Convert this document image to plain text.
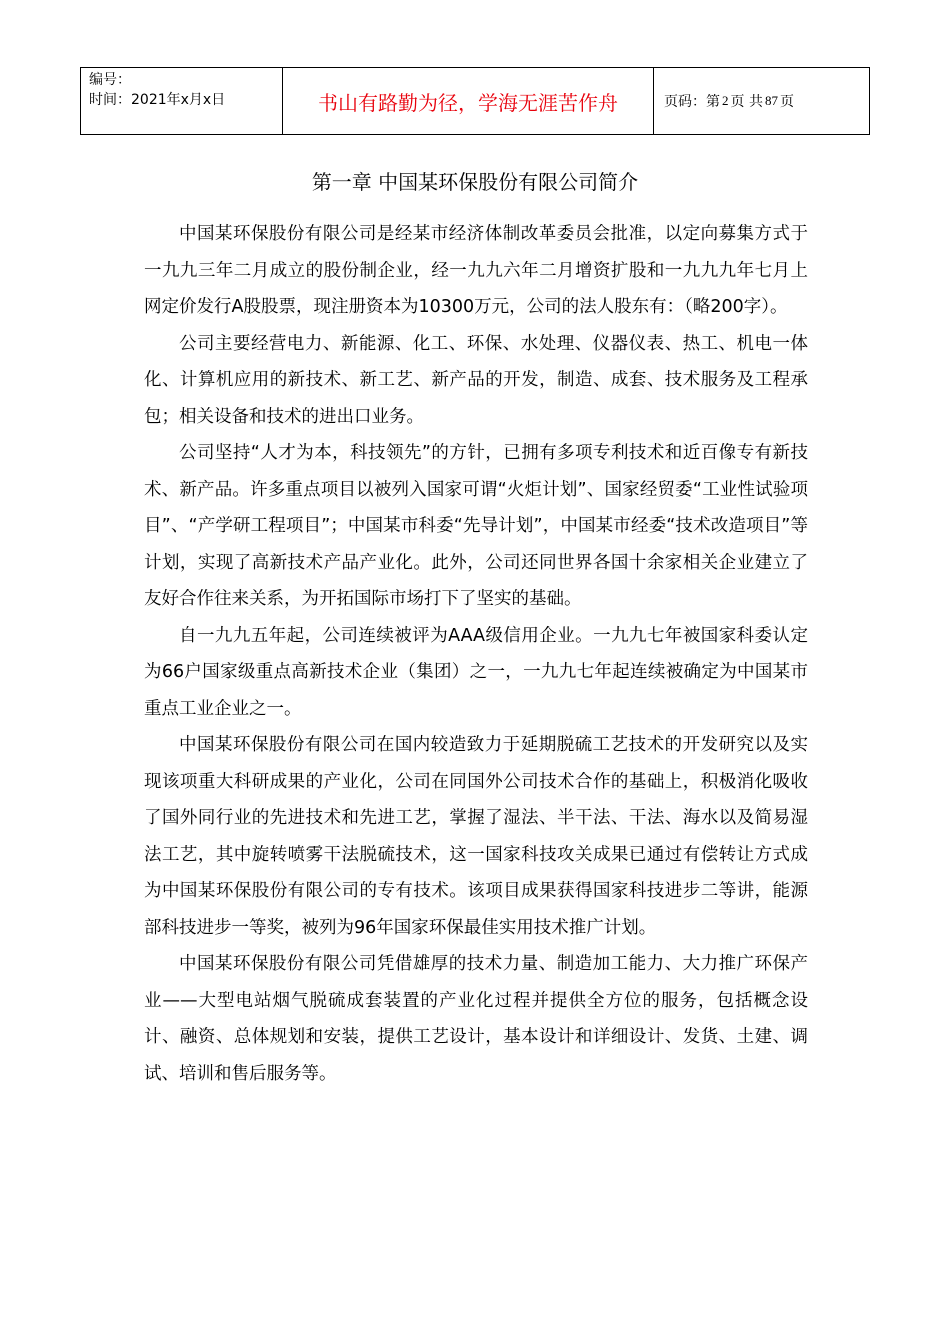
编号：
时间：2021年x月x日	书山有路勤为径，学海无涯苦作舟	页码：第 2 页 共 87 页
第一章 中国某环保股份有限公司简介

中国某环保股份有限公司是经某市经济体制改革委员会批准，以定向募集方式于一九九三年二月成立的股份制企业，经一九九六年二月增资扩股和一九九九年七月上网定价发行A股股票，现注册资本为10300万元，公司的法人股东有：（略200字）。

公司主要经营电力、新能源、化工、环保、水处理、仪器仪表、热工、机电一体化、计算机应用的新技术、新工艺、新产品的开发，制造、成套、技术服务及工程承包；相关设备和技术的进出口业务。

公司坚持“人才为本，科技领先”的方针，已拥有多项专利技术和近百像专有新技术、新产品。许多重点项目以被列入国家可谓“火炬计划”、国家经贸委“工业性试验项目”、“产学研工程项目”；中国某市科委“先导计划”，中国某市经委“技术改造项目”等计划，实现了高新技术产品产业化。此外，公司还同世界各国十余家相关企业建立了友好合作往来关系，为开拓国际市场打下了坚实的基础。

自一九九五年起，公司连续被评为AAA级信用企业。一九九七年被国家科委认定为66户国家级重点高新技术企业（集团）之一，一九九七年起连续被确定为中国某市重点工业企业之一。

中国某环保股份有限公司在国内较造致力于延期脱硫工艺技术的开发研究以及实现该项重大科研成果的产业化，公司在同国外公司技术合作的基础上，积极消化吸收了国外同行业的先进技术和先进工艺，掌握了湿法、半干法、干法、海水以及简易湿法工艺，其中旋转喷雾干法脱硫技术，这一国家科技攻关成果已通过有偿转让方式成为中国某环保股份有限公司的专有技术。该项目成果获得国家科技进步二等讲，能源部科技进步一等奖，被列为96年国家环保最佳实用技术推广计划。

中国某环保股份有限公司凭借雄厚的技术力量、制造加工能力、大力推广环保产业——大型电站烟气脱硫成套装置的产业化过程并提供全方位的服务，包括概念设计、融资、总体规划和安装，提供工艺设计，基本设计和详细设计、发货、土建、调试、培训和售后服务等。
